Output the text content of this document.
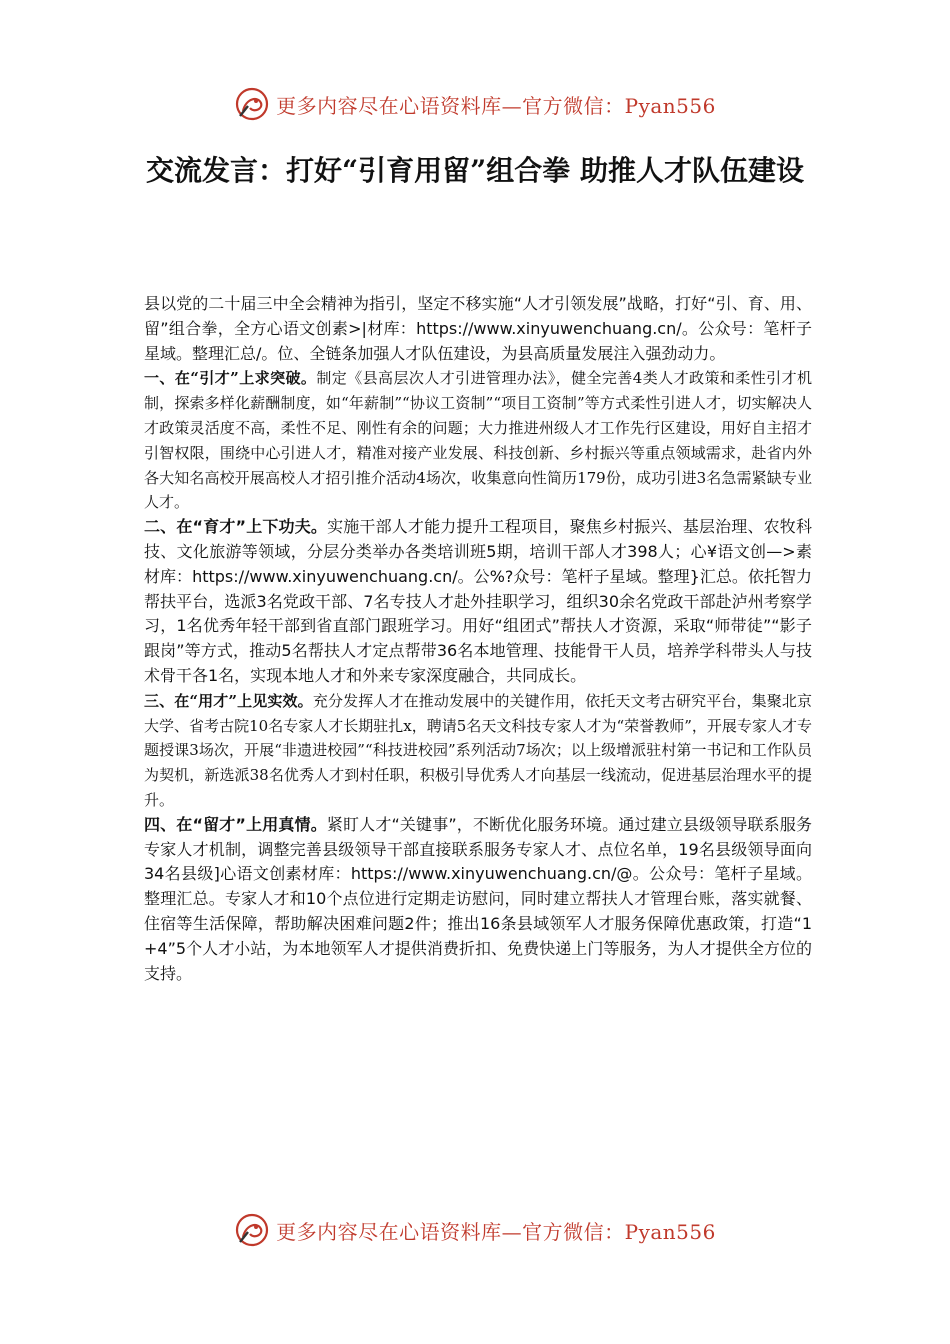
更多内容尽在心语资料库—官方微信：Pyan556
交流发言：打好“引育用留”组合拳 助推人才队伍建设

县以党的二十届三中全会精神为指引，坚定不移实施“人才引领发展”战略，打好“引、育、用、留”组合拳，全方心语文创素>|材库：https://www.xinyuwenchuang.cn/。公众号：笔杆子星域。整理汇总/。位、全链条加强人才队伍建设，为县高质量发展注入强劲动力。

一、在“引才”上求突破。制定《县高层次人才引进管理办法》，健全完善4类人才政策和柔性引才机制，探索多样化薪酬制度，如“年薪制”“协议工资制”“项目工资制”等方式柔性引进人才，切实解决人才政策灵活度不高，柔性不足、刚性有余的问题；大力推进州级人才工作先行区建设，用好自主招才引智权限，围绕中心引进人才，精准对接产业发展、科技创新、乡村振兴等重点领域需求，赴省内外各大知名高校开展高校人才招引推介活动4场次，收集意向性简历179份，成功引进3名急需紧缺专业人才。

二、在“育才”上下功夫。实施干部人才能力提升工程项目，聚焦乡村振兴、基层治理、农牧科技、文化旅游等领域，分层分类举办各类培训班5期，培训干部人才398人；心¥语文创—>素材库：https://www.xinyuwenchuang.cn/。公%?众号：笔杆子星域。整理}汇总。依托智力帮扶平台，选派3名党政干部、7名专技人才赴外挂职学习，组织30余名党政干部赴泸州考察学习，1名优秀年轻干部到省直部门跟班学习。用好“组团式”帮扶人才资源，采取“师带徒”“影子跟岗”等方式，推动5名帮扶人才定点帮带36名本地管理、技能骨干人员，培养学科带头人与技术骨干各1名，实现本地人才和外来专家深度融合，共同成长。

三、在“用才”上见实效。充分发挥人才在推动发展中的关键作用，依托天文考古研究平台，集聚北京大学、省考古院10名专家人才长期驻扎x，聘请5名天文科技专家人才为“荣誉教师”，开展专家人才专题授课3场次，开展“非遗进校园”“科技进校园”系列活动7场次；以上级增派驻村第一书记和工作队员为契机，新选派38名优秀人才到村任职，积极引导优秀人才向基层一线流动，促进基层治理水平的提升。

四、在“留才”上用真情。紧盯人才“关键事”，不断优化服务环境。通过建立县级领导联系服务专家人才机制，调整完善县级领导干部直接联系服务专家人才、点位名单，19名县级领导面向34名县级]心语文创素材库：https://www.xinyuwenchuang.cn/@。公众号：笔杆子星域。整理汇总。专家人才和10个点位进行定期走访慰问，同时建立帮扶人才管理台账，落实就餐、住宿等生活保障，帮助解决困难问题2件；推出16条县域领军人才服务保障优惠政策，打造“1+4”5个人才小站，为本地领军人才提供消费折扣、免费快递上门等服务，为人才提供全方位的支持。

更多内容尽在心语资料库—官方微信：Pyan556
